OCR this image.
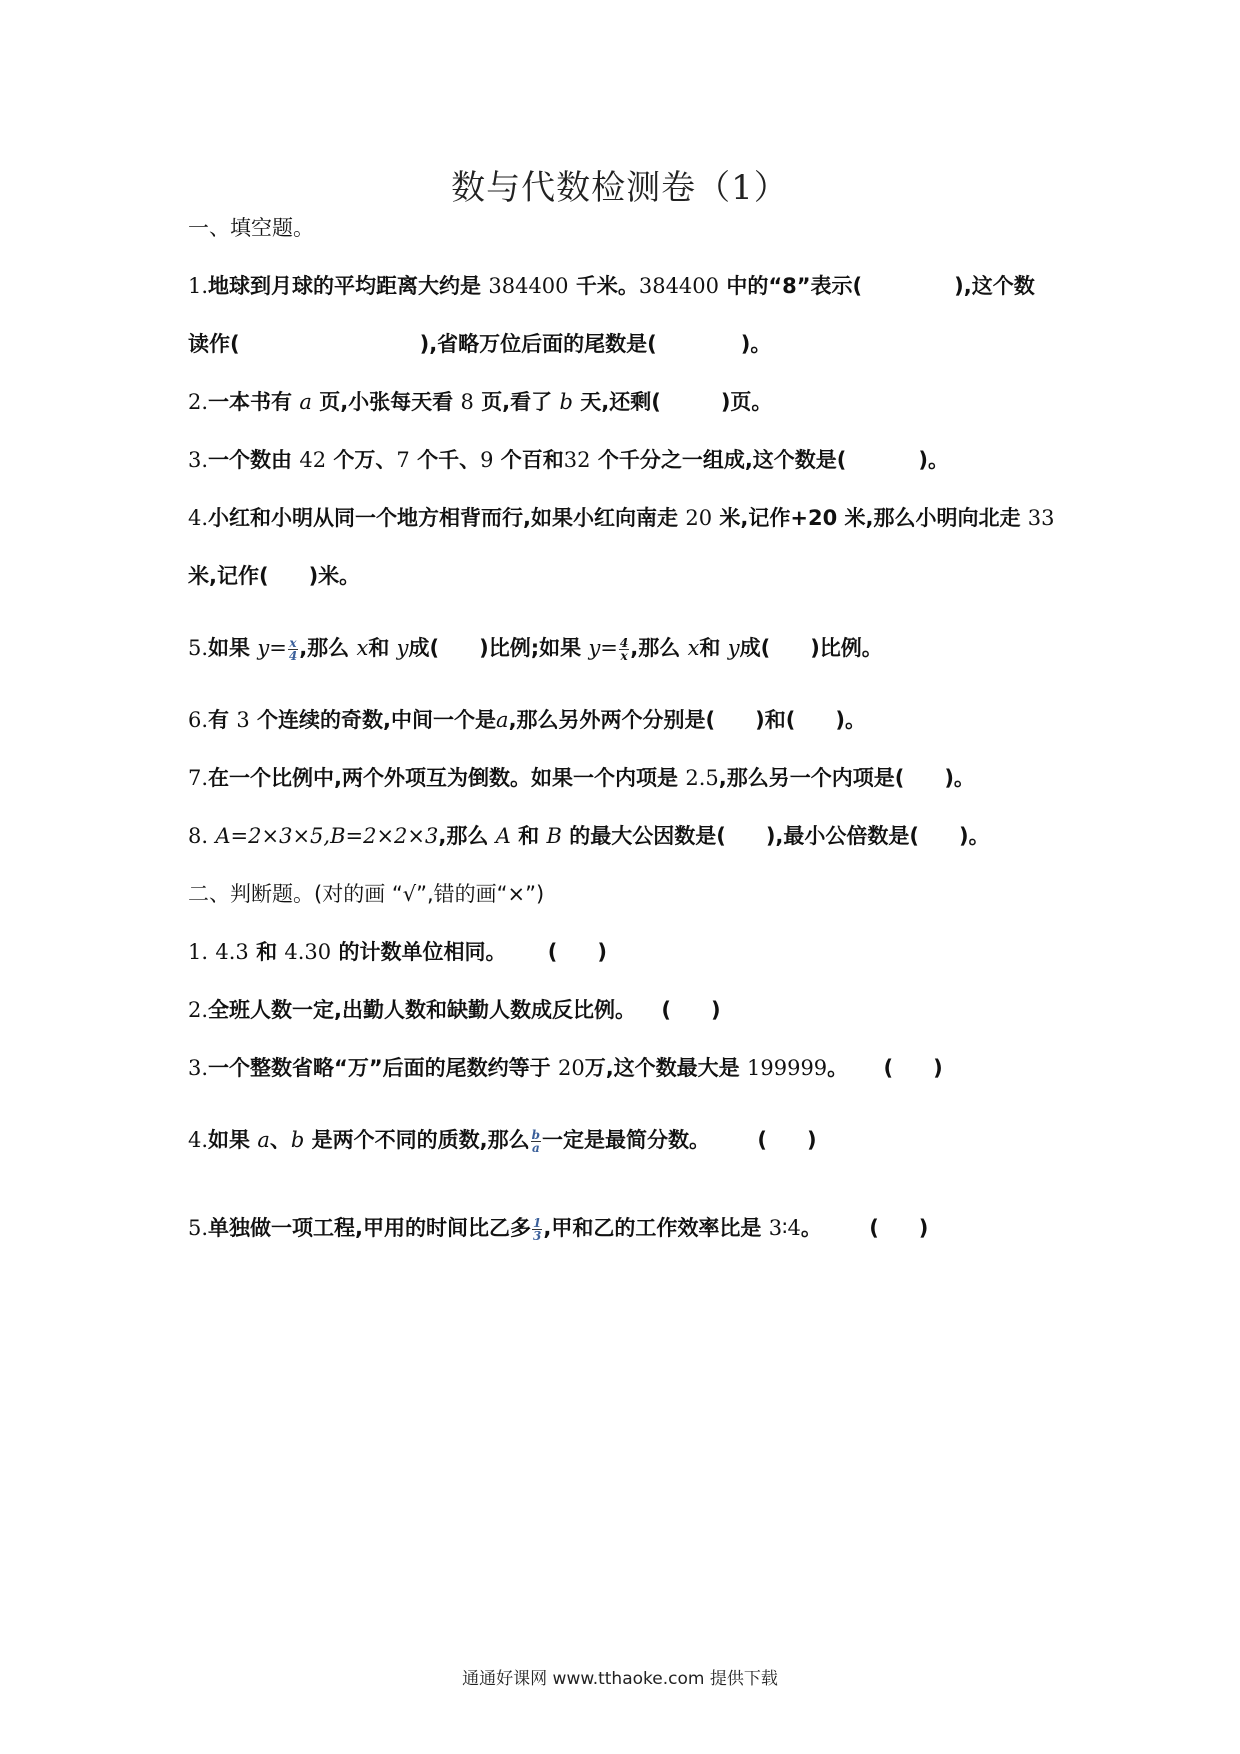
数与代数检测卷（1）
一、填空题。
1.地球到月球的平均距离大约是 384400 千米。384400 中的“8”表示(	),这个数
读作(	),省略万位后面的尾数是(	)。
2.一本书有 a 页,小张每天看 8 页,看了 b 天,还剩(	)页。
3.一个数由 42 个万、7 个千、9 个百和32 个千分之一组成,这个数是(	)。
4.小红和小明从同一个地方相背而行,如果小红向南走 20 米,记作+20 米,那么小明向北走 33
米,记作( )米。
5.如果 $y= \frac{x}{4}$ ,那么 x和 y成( )比例;如果 $y= \frac{4}{x}$ ,那么 x和 y成( )比例。
6.有 3 个连续的奇数,中间一个是a,那么另外两个分别是( )和( )。
7.在一个比例中,两个外项互为倒数。如果一个内项是 2.5,那么另一个内项是( )。
8. A=2×3×5,B=2×2×3,那么 A 和 B 的最大公因数是( ),最小公倍数是( )。
二、判断题。(对的画 “√”,错的画“×”)
1. 4.3 和 4.30 的计数单位相同。 ( )
2.全班人数一定,出勤人数和缺勤人数成反比例。 ( )
3.一个整数省略“万”后面的尾数约等于 20万,这个数最大是 199999。 ( )
4.如果 a、b 是两个不同的质数,那么 $\frac{b}{a}$ 一定是最简分数。 ( )
5.单独做一项工程,甲用的时间比乙多 $\frac{1}{3}$ ,甲和乙的工作效率比是 3∶4。 ( )
通通好课网 www.tthaoke.com 提供下载
